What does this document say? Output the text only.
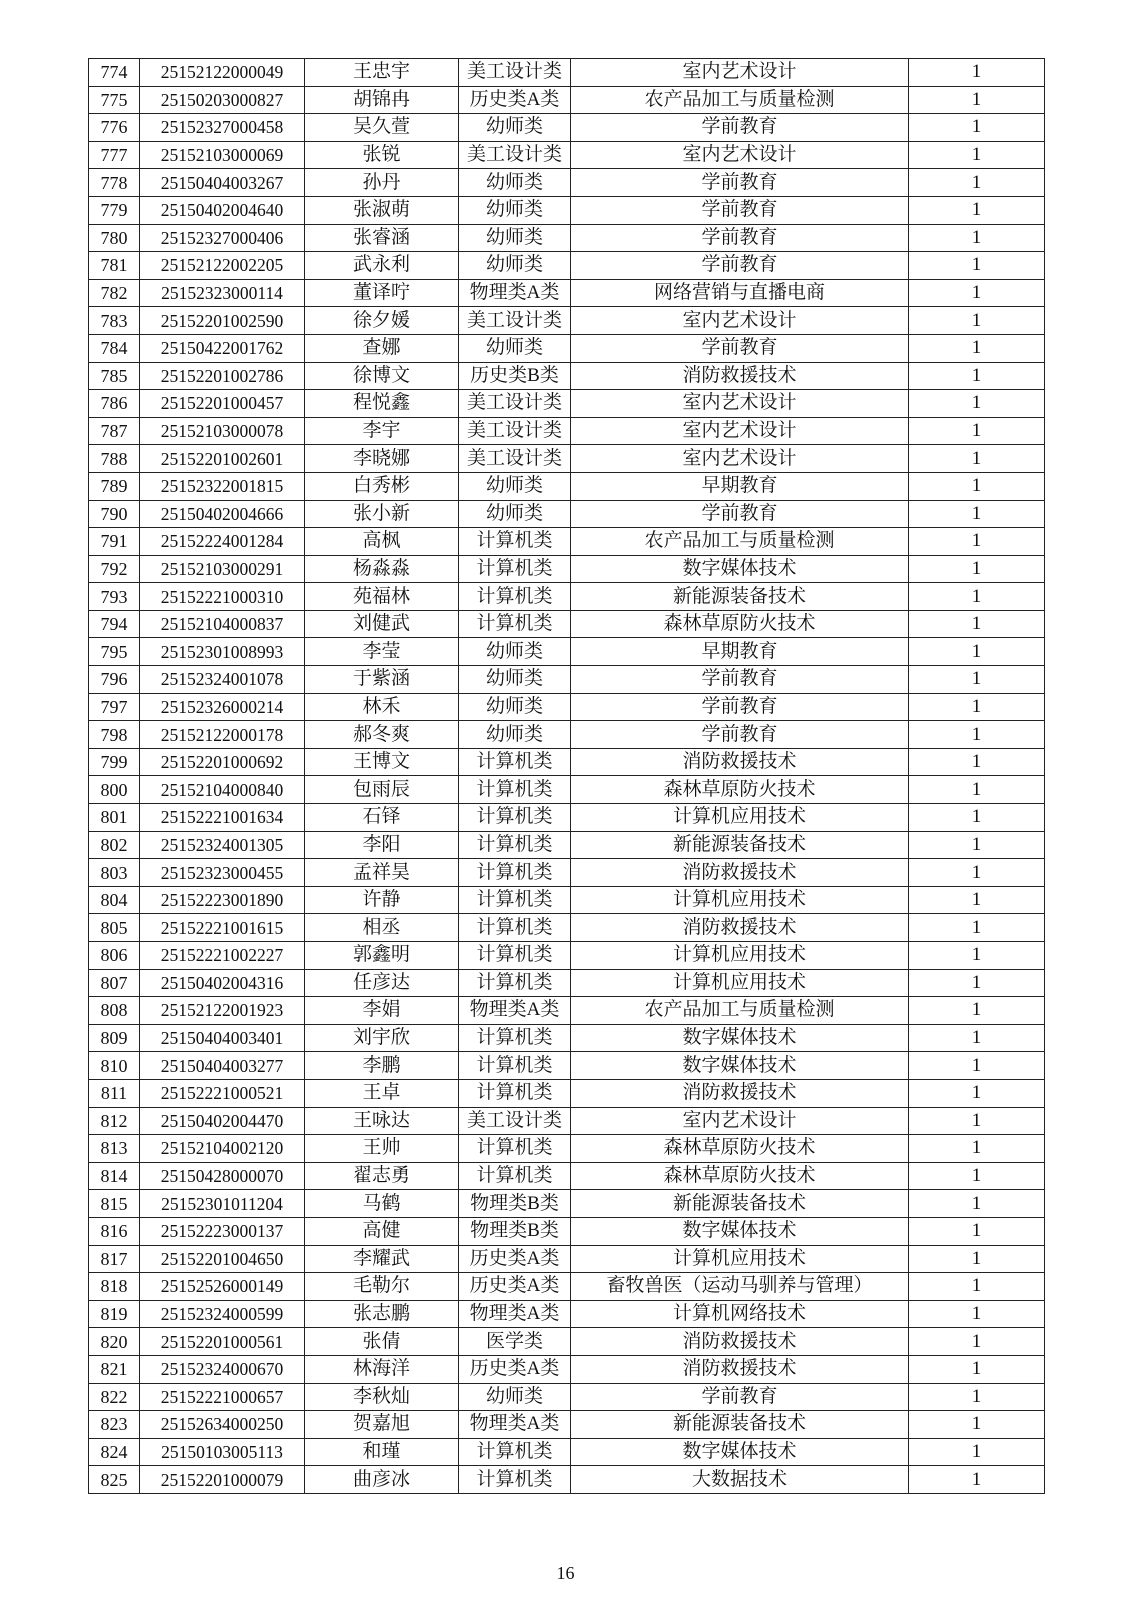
774	25152122000049	王忠宇	美工设计类	室内艺术设计	1
775	25150203000827	胡锦冉	历史类A类	农产品加工与质量检测	1
776	25152327000458	吴久萱	幼师类	学前教育	1
777	25152103000069	张锐	美工设计类	室内艺术设计	1
778	25150404003267	孙丹	幼师类	学前教育	1
779	25150402004640	张淑萌	幼师类	学前教育	1
780	25152327000406	张睿涵	幼师类	学前教育	1
781	25152122002205	武永利	幼师类	学前教育	1
782	25152323000114	董译咛	物理类A类	网络营销与直播电商	1
783	25152201002590	徐夕媛	美工设计类	室内艺术设计	1
784	25150422001762	查娜	幼师类	学前教育	1
785	25152201002786	徐博文	历史类B类	消防救援技术	1
786	25152201000457	程悦鑫	美工设计类	室内艺术设计	1
787	25152103000078	李宇	美工设计类	室内艺术设计	1
788	25152201002601	李晓娜	美工设计类	室内艺术设计	1
789	25152322001815	白秀彬	幼师类	早期教育	1
790	25150402004666	张小新	幼师类	学前教育	1
791	25152224001284	高枫	计算机类	农产品加工与质量检测	1
792	25152103000291	杨淼淼	计算机类	数字媒体技术	1
793	25152221000310	苑福林	计算机类	新能源装备技术	1
794	25152104000837	刘健武	计算机类	森林草原防火技术	1
795	25152301008993	李莹	幼师类	早期教育	1
796	25152324001078	于紫涵	幼师类	学前教育	1
797	25152326000214	林禾	幼师类	学前教育	1
798	25152122000178	郝冬爽	幼师类	学前教育	1
799	25152201000692	王博文	计算机类	消防救援技术	1
800	25152104000840	包雨辰	计算机类	森林草原防火技术	1
801	25152221001634	石铎	计算机类	计算机应用技术	1
802	25152324001305	李阳	计算机类	新能源装备技术	1
803	25152323000455	孟祥昊	计算机类	消防救援技术	1
804	25152223001890	许静	计算机类	计算机应用技术	1
805	25152221001615	相丞	计算机类	消防救援技术	1
806	25152221002227	郭鑫明	计算机类	计算机应用技术	1
807	25150402004316	任彦达	计算机类	计算机应用技术	1
808	25152122001923	李娟	物理类A类	农产品加工与质量检测	1
809	25150404003401	刘宇欣	计算机类	数字媒体技术	1
810	25150404003277	李鹏	计算机类	数字媒体技术	1
811	25152221000521	王卓	计算机类	消防救援技术	1
812	25150402004470	王咏达	美工设计类	室内艺术设计	1
813	25152104002120	王帅	计算机类	森林草原防火技术	1
814	25150428000070	翟志勇	计算机类	森林草原防火技术	1
815	25152301011204	马鹤	物理类B类	新能源装备技术	1
816	25152223000137	高健	物理类B类	数字媒体技术	1
817	25152201004650	李耀武	历史类A类	计算机应用技术	1
818	25152526000149	毛勒尔	历史类A类	畜牧兽医（运动马驯养与管理）	1
819	25152324000599	张志鹏	物理类A类	计算机网络技术	1
820	25152201000561	张倩	医学类	消防救援技术	1
821	25152324000670	林海洋	历史类A类	消防救援技术	1
822	25152221000657	李秋灿	幼师类	学前教育	1
823	25152634000250	贺嘉旭	物理类A类	新能源装备技术	1
824	25150103005113	和瑾	计算机类	数字媒体技术	1
825	25152201000079	曲彦冰	计算机类	大数据技术	1
16
